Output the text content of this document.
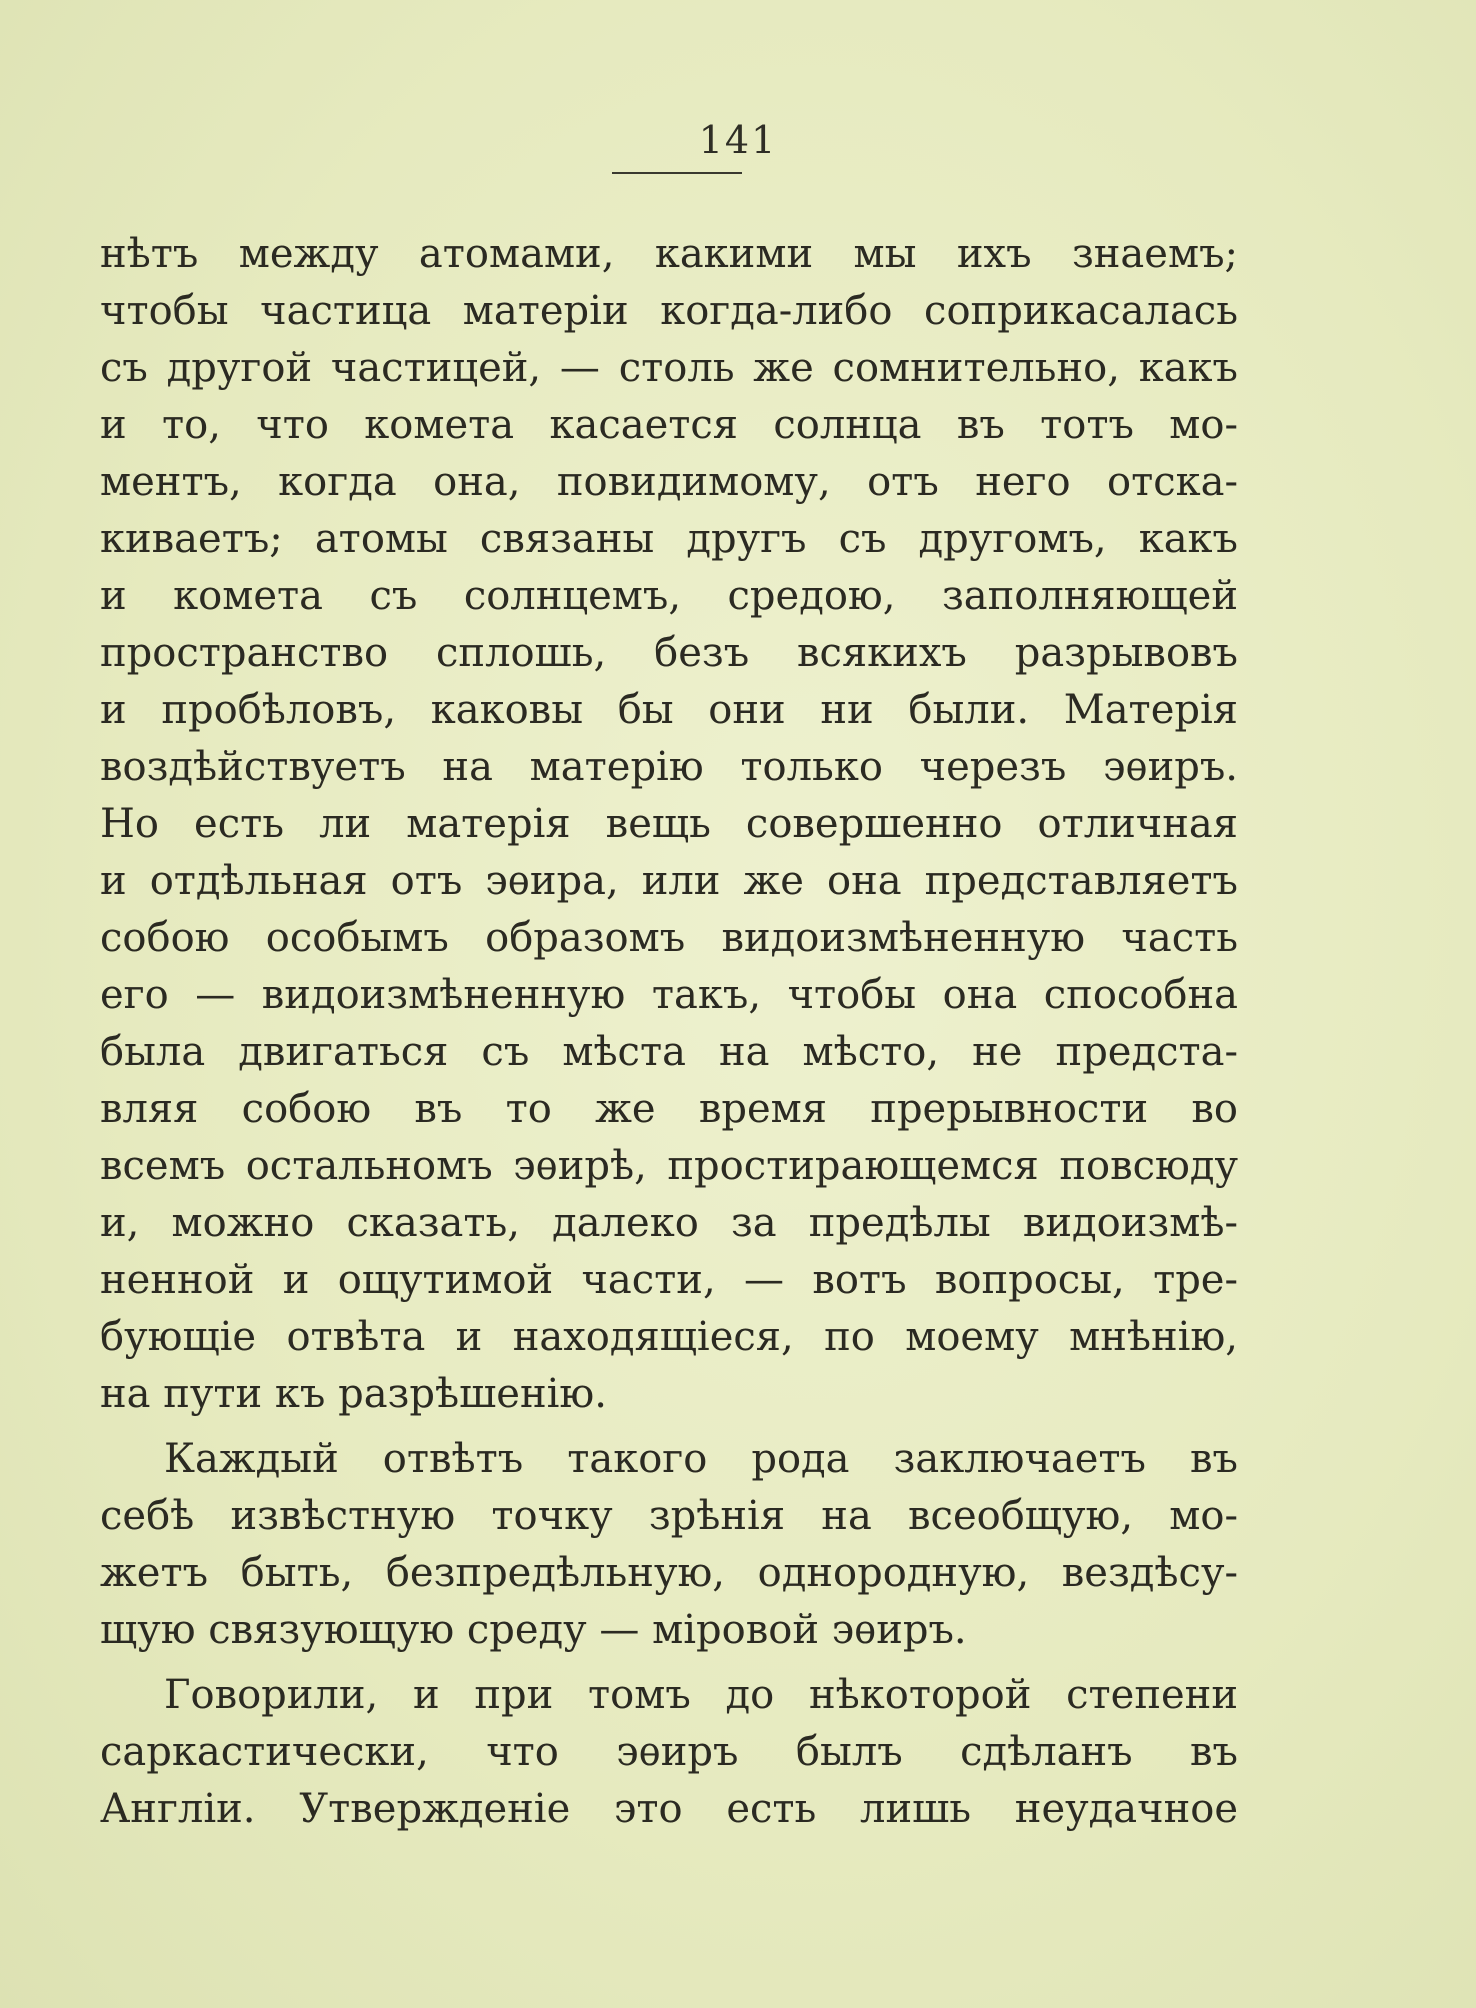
141
нѣтъ между атомами, какими мы ихъ знаемъ;
чтобы частица матеріи когда-либо соприкасалась
съ другой частицей, — столь же сомнительно, какъ
и то, что комета касается солнца въ тотъ мо-
ментъ, когда она, повидимому, отъ него отска-
киваетъ; атомы связаны другъ съ другомъ, какъ
и комета съ солнцемъ, средою, заполняющей
пространство сплошь, безъ всякихъ разрывовъ
и пробѣловъ, каковы бы они ни были. Матерія
воздѣйствуетъ на матерію только черезъ эѳиръ.
Но есть ли матерія вещь совершенно отличная
и отдѣльная отъ эѳира, или же она представляетъ
собою особымъ образомъ видоизмѣненную часть
его — видоизмѣненную такъ, чтобы она способна
была двигаться съ мѣста на мѣсто, не предста-
вляя собою въ то же время прерывности во
всемъ остальномъ эѳирѣ, простирающемся повсюду
и, можно сказать, далеко за предѣлы видоизмѣ-
ненной и ощутимой части, — вотъ вопросы, тре-
бующіе отвѣта и находящіеся, по моему мнѣнію,
на пути къ разрѣшенію.
Каждый отвѣтъ такого рода заключаетъ въ
себѣ извѣстную точку зрѣнія на всеобщую, мо-
жетъ быть, безпредѣльную, однородную, вездѣсу-
щую связующую среду — міровой эѳиръ.
Говорили, и при томъ до нѣкоторой степени
саркастически, что эѳиръ былъ сдѣланъ въ
Англіи. Утвержденіе это есть лишь неудачное
